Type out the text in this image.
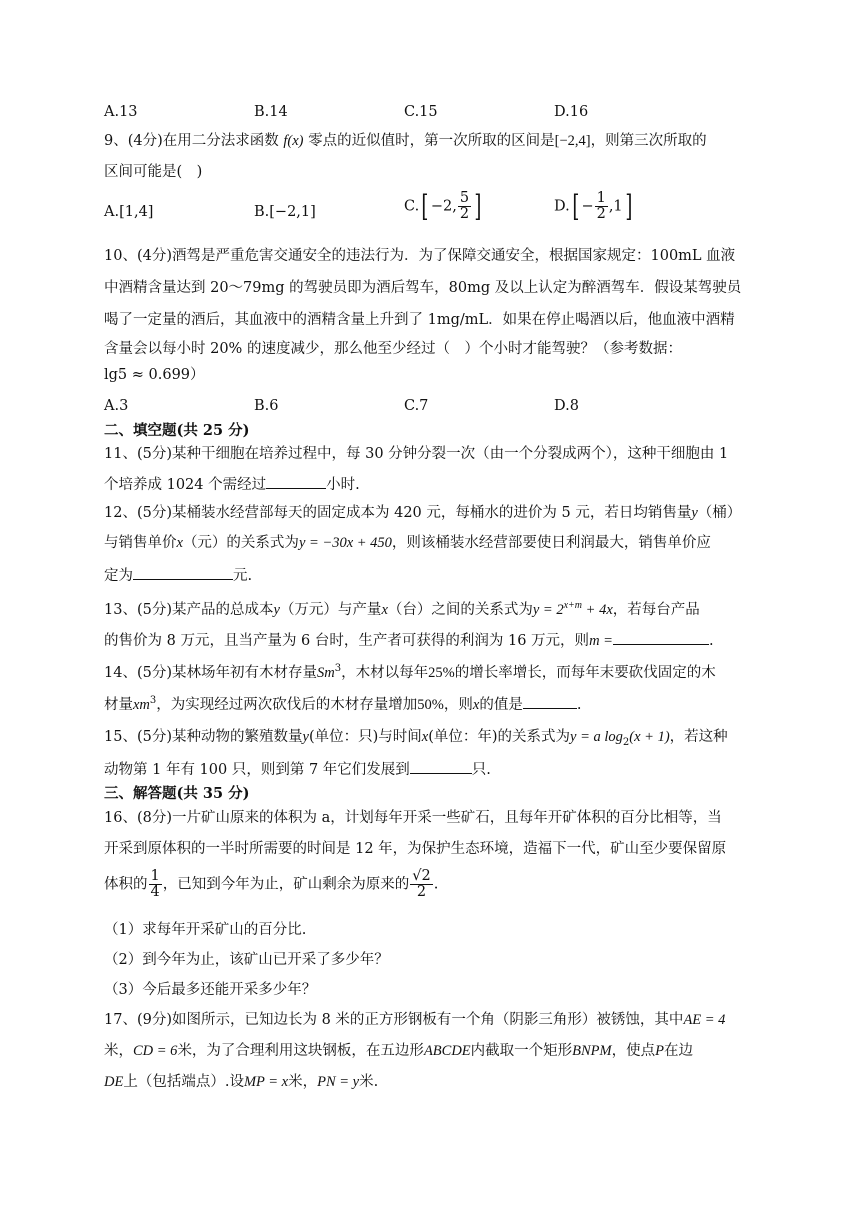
A.13	B.14	C.15	D.16
9、(4分)在用二分法求函数 f(x) 零点的近似值时，第一次所取的区间是[−2,4]，则第三次所取的
区间可能是(　)
A.[1,4]	B.[−2,1]	C.[ −2, $\frac{5}{2}$ ]	$D.[ - \frac{1}{2} ,1]$
10、(4分)酒驾是严重危害交通安全的违法行为．为了保障交通安全，根据国家规定：100mL 血液
中酒精含量达到 20～79mg 的驾驶员即为酒后驾车，80mg 及以上认定为醉酒驾车．假设某驾驶员
喝了一定量的酒后，其血液中的酒精含量上升到了 1mg/mL．如果在停止喝酒以后，他血液中酒精
含量会以每小时 20% 的速度减少，那么他至少经过（　）个小时才能驾驶？（参考数据：
lg5 ≈ 0.699）
A.3	B.6	C.7	D.8
二、填空题(共 25 分)
11、(5分)某种干细胞在培养过程中，每 30 分钟分裂一次（由一个分裂成两个），这种干细胞由 1
个培养成 1024 个需经过	小时.
12、(5分)某桶装水经营部每天的固定成本为 420 元，每桶水的进价为 5 元，若日均销售量y（桶）
与销售单价x（元）的关系式为y = −30x + 450，则该桶装水经营部要使日利润最大，销售单价应
定为	元.
13、(5分)某产品的总成本y（万元）与产量x（台）之间的关系式为$y = 2^{x+m} + 4x$，若每台产品
的售价为 8 万元，且当产量为 6 台时，生产者可获得的利润为 16 万元，则m =	.
14、(5分)某林场年初有木材存量Sm$^3$，木材以每年25%的增长率增长，而每年末要砍伐固定的木
材量$xm^3$，为实现经过两次砍伐后的木材存量增加50%，则x的值是	.
15、(5分)某种动物的繁殖数量y(单位：只)与时间x(单位：年)的关系式为y = a $\log_2(x + 1)$，若这种
动物第 1 年有 100 只，则到第 7 年它们发展到	只.
三、解答题(共 35 分)
16、(8分)一片矿山原来的体积为 a，计划每年开采一些矿石，且每年开矿体积的百分比相等，当
开采到原体积的一半时所需要的时间是 12 年，为保护生态环境，造福下一代，矿山至少要保留原
体积的 $\frac{1}{4}$ ，已知到今年为止，矿山剩余为原来的 $\frac{√2}{2}$ .
（1）求每年开采矿山的百分比.
（2）到今年为止，该矿山已开采了多少年？
（3）今后最多还能开采多少年？
17、(9分)如图所示，已知边长为 8 米的正方形钢板有一个角（阴影三角形）被锈蚀，其中AE = 4
米，CD = 6米，为了合理利用这块钢板，在五边形ABCDE内截取一个矩形BNPM，使点P在边
DE上（包括端点）.设MP = x米，PN = y米.
